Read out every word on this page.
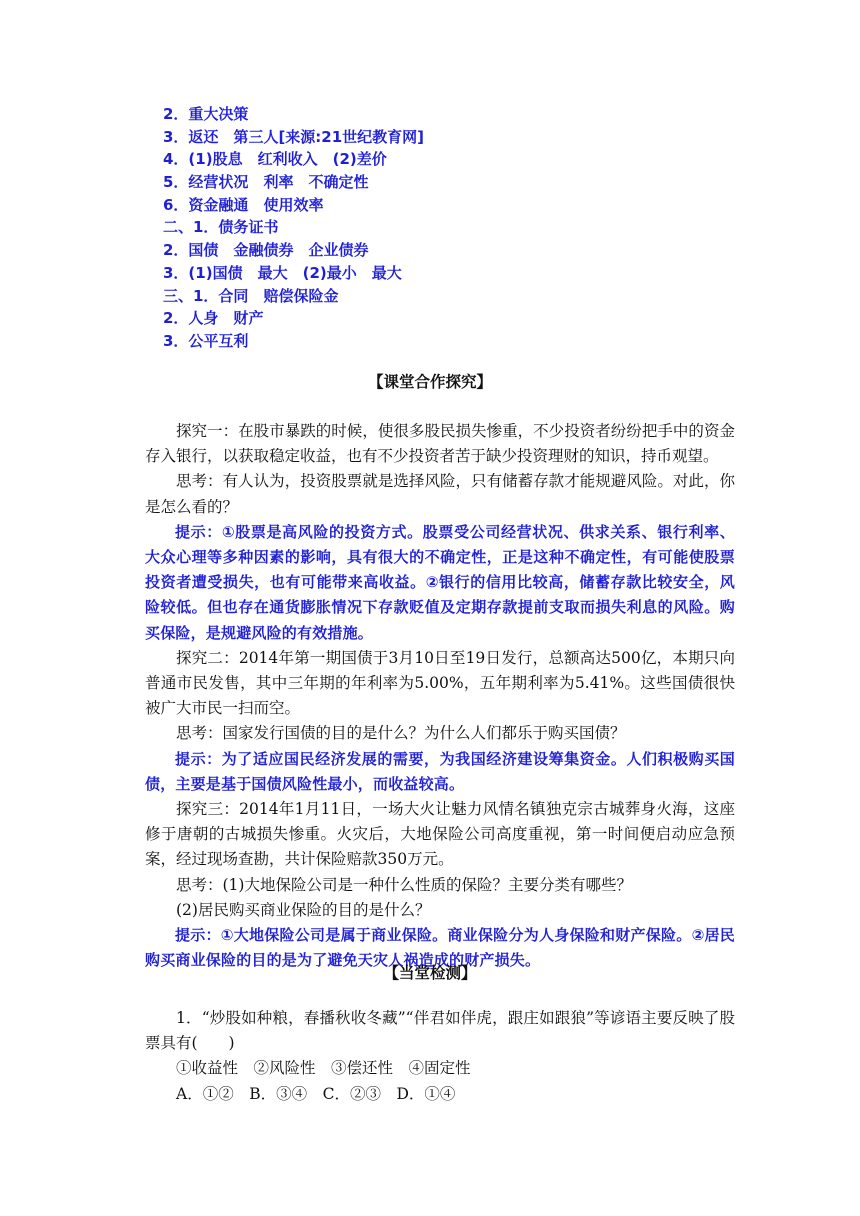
2．重大决策
3．返还　第三人[来源:21世纪教育网]
4．(1)股息　红利收入　(2)差价
5．经营状况　利率　不确定性
6．资金融通　使用效率
二、1．债务证书
2．国债　金融债券　企业债券
3．(1)国债　最大　(2)最小　最大
三、1．合同　赔偿保险金
2．人身　财产
3．公平互利
【课堂合作探究】

探究一：在股市暴跌的时候，使很多股民损失惨重，不少投资者纷纷把手中的资金存入银行，以获取稳定收益，也有不少投资者苦于缺少投资理财的知识，持币观望。

思考：有人认为，投资股票就是选择风险，只有储蓄存款才能规避风险。对此，你是怎么看的？

提示：①股票是高风险的投资方式。股票受公司经营状况、供求关系、银行利率、大众心理等多种因素的影响，具有很大的不确定性，正是这种不确定性，有可能使股票投资者遭受损失，也有可能带来高收益。②银行的信用比较高，储蓄存款比较安全，风险较低。但也存在通货膨胀情况下存款贬值及定期存款提前支取而损失利息的风险。购买保险，是规避风险的有效措施。

探究二：2014年第一期国债于3月10日至19日发行，总额高达500亿，本期只向普通市民发售，其中三年期的年利率为5.00%，五年期利率为5.41%。这些国债很快被广大市民一扫而空。

思考：国家发行国债的目的是什么？为什么人们都乐于购买国债？

提示：为了适应国民经济发展的需要，为我国经济建设筹集资金。人们积极购买国债，主要是基于国债风险性最小，而收益较高。

探究三：2014年1月11日，一场大火让魅力风情名镇独克宗古城葬身火海，这座修于唐朝的古城损失惨重。火灾后，大地保险公司高度重视，第一时间便启动应急预案，经过现场查勘，共计保险赔款350万元。

思考：(1)大地保险公司是一种什么性质的保险？主要分类有哪些？

(2)居民购买商业保险的目的是什么？

提示：①大地保险公司是属于商业保险。商业保险分为人身保险和财产保险。②居民购买商业保险的目的是为了避免天灾人祸造成的财产损失。

【当堂检测】

1．“炒股如种粮，春播秋收冬藏”“伴君如伴虎，跟庄如跟狼”等谚语主要反映了股票具有(　　)

①收益性　②风险性　③偿还性　④固定性

A．①②　B．③④　C．②③　D．①④
